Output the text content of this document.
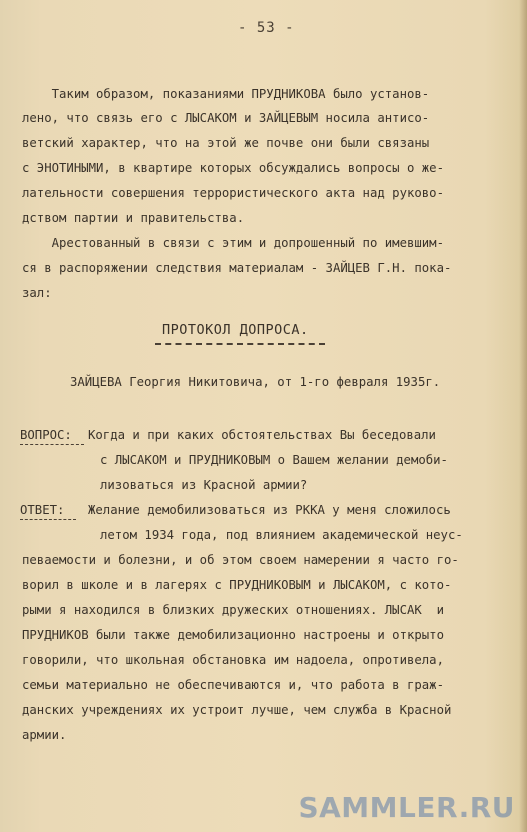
- 53 -
Таким образом, показаниями ПРУДНИКОВА было установ-
лено, что связь его с ЛЫСАКОМ и ЗАЙЦЕВЫМ носила антисо-
ветский характер, что на этой же почве они были связаны
с ЭНОТИНЫМИ, в квартире которых обсуждались вопросы о же-
лательности совершения террористического акта над руково-
дством партии и правительства.
Арестованный в связи с этим и допрошенный по имевшим-
ся в распоряжении следствия материалам - ЗАЙЦЕВ Г.Н. пока-
зал:
ПРОТОКОЛ ДОПРОСА.
ЗАЙЦЕВА Георгия Никитовича, от 1-го февраля 1935г.
ВОПРОС: Когда и при каких обстоятельствах Вы беседовали
с ЛЫСАКОМ и ПРУДНИКОВЫМ о Вашем желании демоби-
лизоваться из Красной армии?
ОТВЕТ: Желание демобилизоваться из РККА у меня сложилось
летом 1934 года, под влиянием академической неус-
певаемости и болезни, и об этом своем намерении я часто го-
ворил в школе и в лагерях с ПРУДНИКОВЫМ и ЛЫСАКОМ, с кото-
рыми я находился в близких дружеских отношениях. ЛЫСАК  и
ПРУДНИКОВ были также демобилизационно настроены и открыто
говорили, что школьная обстановка им надоела, опротивела,
семьи материально не обеспечиваются и, что работа в граж-
данских учреждениях их устроит лучше, чем служба в Красной
армии.
SAMMLER.RU
